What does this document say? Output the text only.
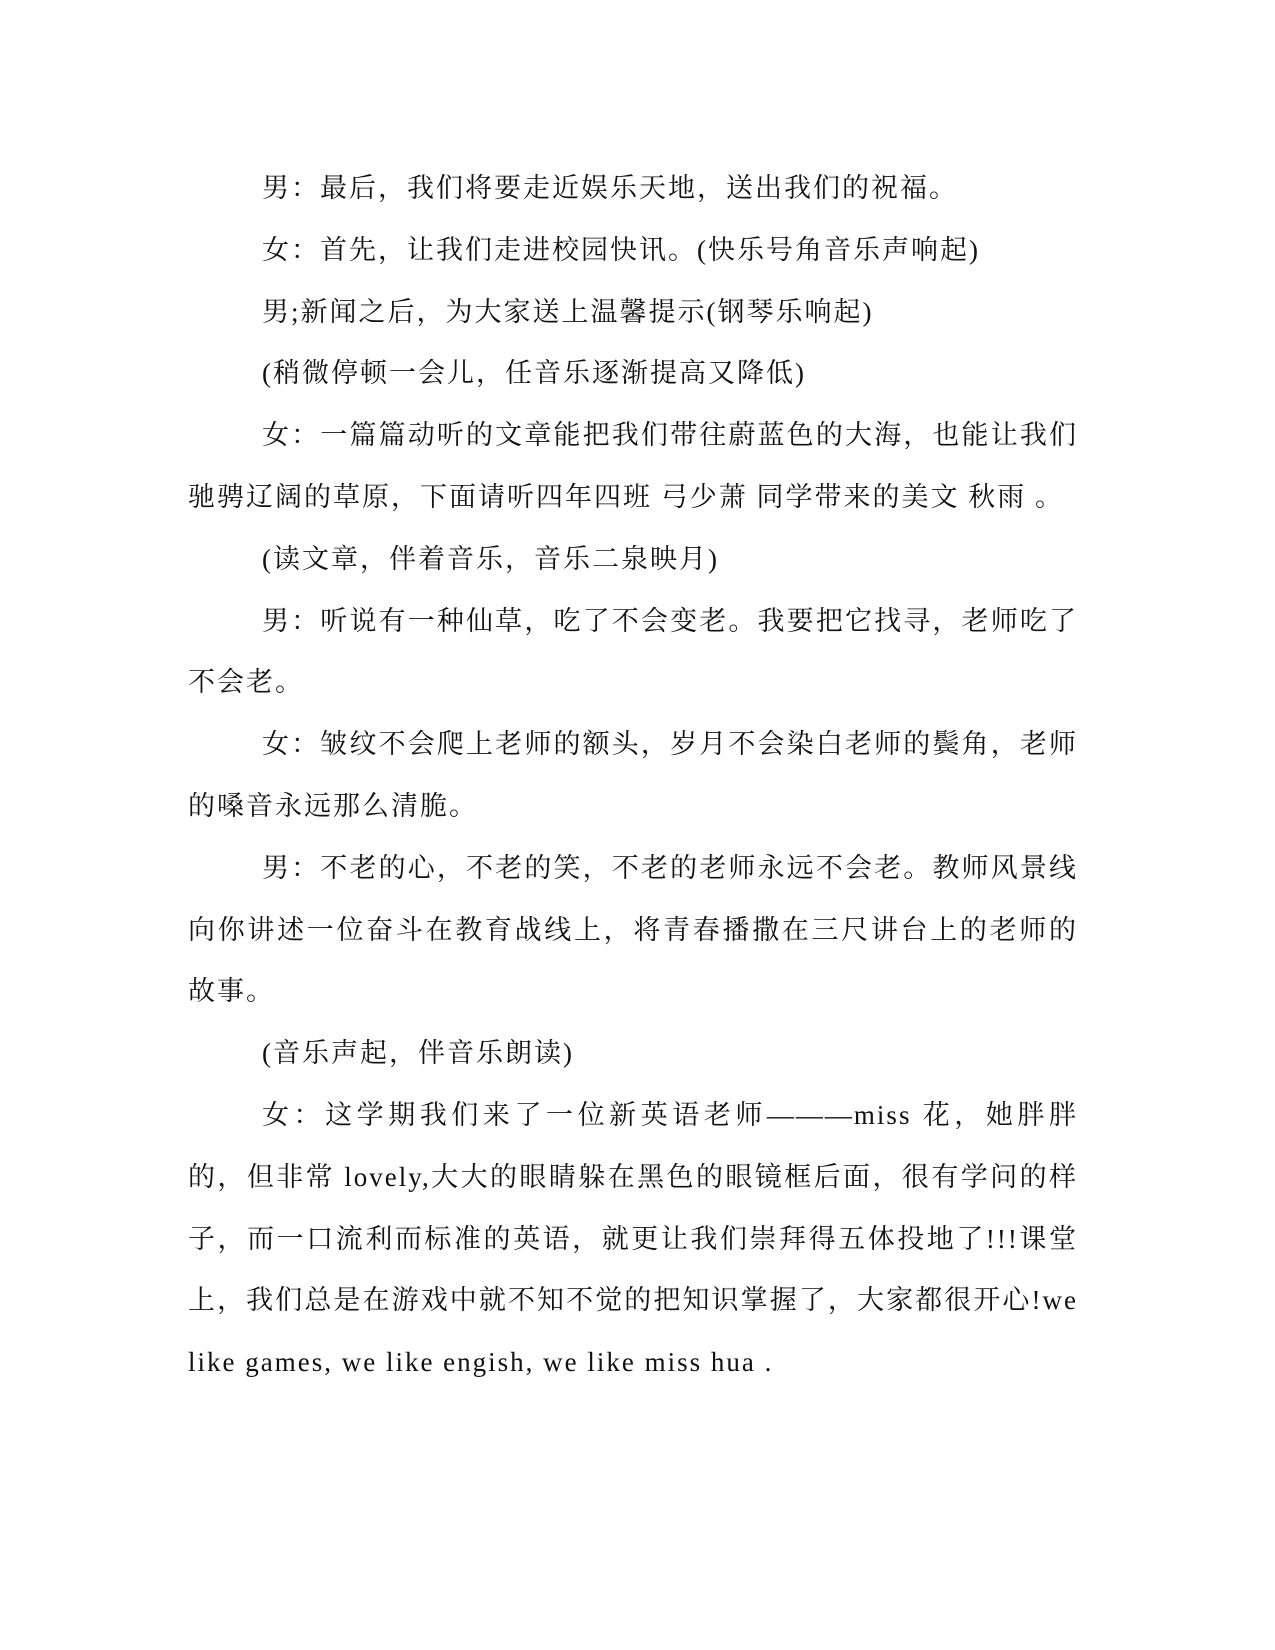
男：最后，我们将要走近娱乐天地，送出我们的祝福。

女：首先，让我们走进校园快讯。(快乐号角音乐声响起)

男;新闻之后，为大家送上温馨提示(钢琴乐响起)

(稍微停顿一会儿，任音乐逐渐提高又降低)

女：一篇篇动听的文章能把我们带往蔚蓝色的大海，也能让我们驰骋辽阔的草原，下面请听四年四班 弓少萧 同学带来的美文 秋雨 。

(读文章，伴着音乐，音乐二泉映月)

男：听说有一种仙草，吃了不会变老。我要把它找寻，老师吃了不会老。

女：皱纹不会爬上老师的额头，岁月不会染白老师的鬓角，老师的嗓音永远那么清脆。

男：不老的心，不老的笑，不老的老师永远不会老。教师风景线向你讲述一位奋斗在教育战线上，将青春播撒在三尺讲台上的老师的故事。

(音乐声起，伴音乐朗读)

女：这学期我们来了一位新英语老师———miss 花，她胖胖的，但非常 lovely,大大的眼睛躲在黑色的眼镜框后面，很有学问的样子，而一口流利而标准的英语，就更让我们崇拜得五体投地了!!!课堂上，我们总是在游戏中就不知不觉的把知识掌握了，大家都很开心!we like games, we like engish, we like miss hua .
